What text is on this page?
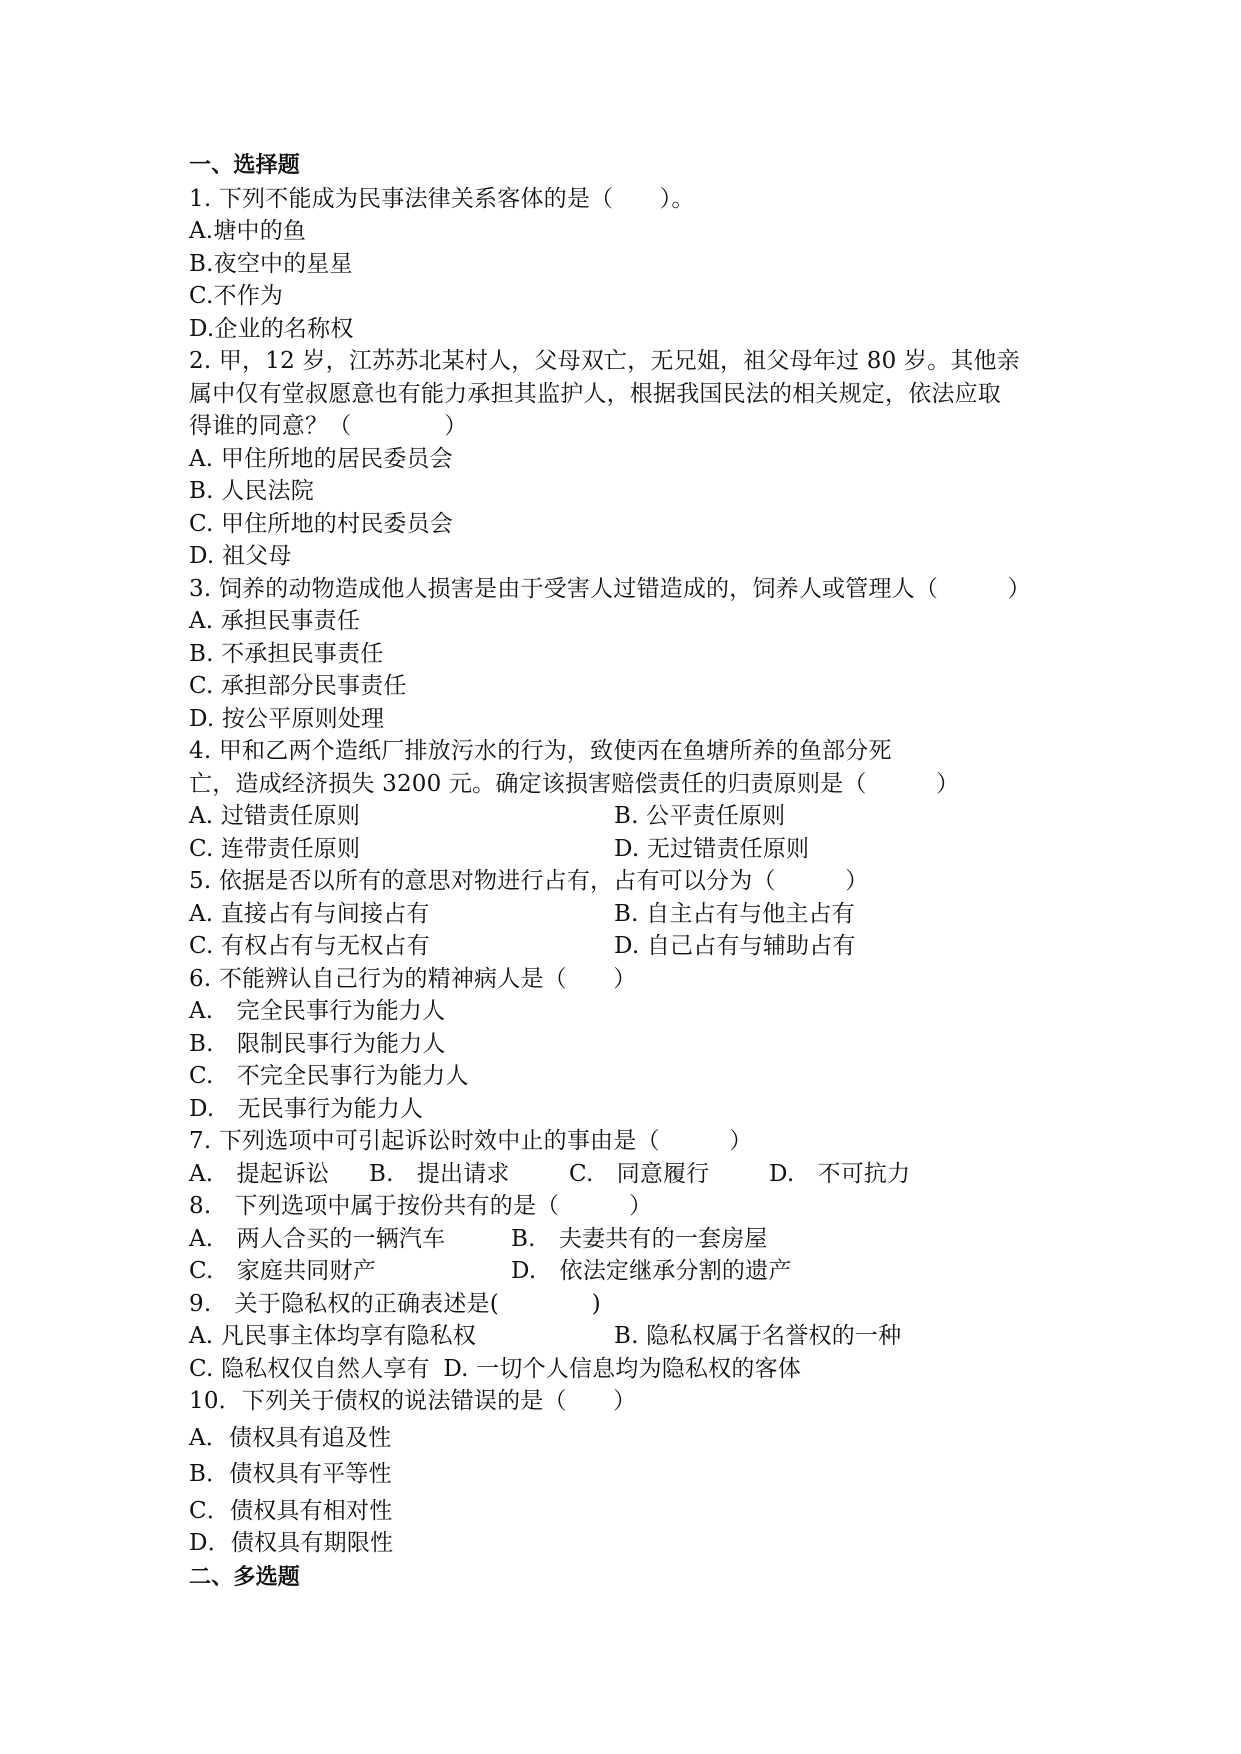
一、选择题
1. 下列不能成为民事法律关系客体的是（　　）。
A.塘中的鱼
B.夜空中的星星
C.不作为
D.企业的名称权
2. 甲，12 岁，江苏苏北某村人，父母双亡，无兄姐，祖父母年过 80 岁。其他亲
属中仅有堂叔愿意也有能力承担其监护人，根据我国民法的相关规定，依法应取
得谁的同意？（　　　　）
A. 甲住所地的居民委员会
B. 人民法院
C. 甲住所地的村民委员会
D. 祖父母
3. 饲养的动物造成他人损害是由于受害人过错造成的，饲养人或管理人（　　　）
A. 承担民事责任
B. 不承担民事责任
C. 承担部分民事责任
D. 按公平原则处理
4. 甲和乙两个造纸厂排放污水的行为，致使丙在鱼塘所养的鱼部分死
亡，造成经济损失 3200 元。确定该损害赔偿责任的归责原则是（　　　）
A. 过错责任原则	B. 公平责任原则
C. 连带责任原则	D. 无过错责任原则
5. 依据是否以所有的意思对物进行占有，占有可以分为（　　　）
A. 直接占有与间接占有	B. 自主占有与他主占有
C. 有权占有与无权占有	D. 自己占有与辅助占有
6. 不能辨认自己行为的精神病人是（　　）
A.　完全民事行为能力人
B.　限制民事行为能力人
C.　不完全民事行为能力人
D.　无民事行为能力人
7. 下列选项中可引起诉讼时效中止的事由是（　　　）
A.　提起诉讼	B.　提出请求	C.　同意履行	D.　不可抗力
8.　下列选项中属于按份共有的是（　　　）
A.　两人合买的一辆汽车	B.　夫妻共有的一套房屋
C.　家庭共同财产	D.　依法定继承分割的遗产
9.　关于隐私权的正确表述是(　　　　)
A. 凡民事主体均享有隐私权	B. 隐私权属于名誉权的一种
C. 隐私权仅自然人享有 D. 一切个人信息均为隐私权的客体
10．下列关于债权的说法错误的是（　　）
A．债权具有追及性
B．债权具有平等性
C．债权具有相对性
D．债权具有期限性
二、多选题
